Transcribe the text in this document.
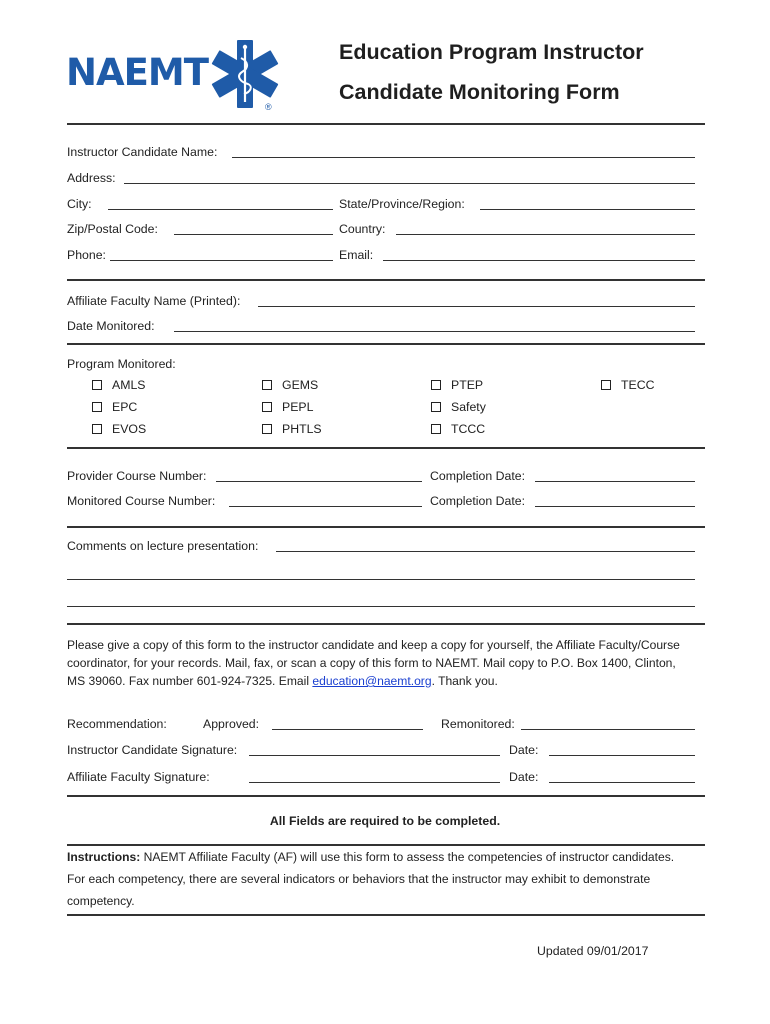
NAEMT
®
Education Program Instructor
Candidate Monitoring Form
Instructor Candidate Name:
Address:
City:	State/Province/Region:
Zip/Postal Code:	Country:
Phone:	Email:
Affiliate Faculty Name (Printed):
Date Monitored:
Program Monitored:
AMLS
EPC
EVOS
GEMS
PEPL
PHTLS
PTEP
Safety
TCCC
TECC
Provider Course Number:	Completion Date:
Monitored Course Number:	Completion Date:
Comments on lecture presentation:
Please give a copy of this form to the instructor candidate and keep a copy for yourself, the Affiliate Faculty/Course
coordinator, for your records. Mail, fax, or scan a copy of this form to NAEMT. Mail copy to P.O. Box 1400, Clinton,
MS 39060. Fax number 601-924-7325. Email education@naemt.org. Thank you.
Recommendation:	Approved:	Remonitored:
Instructor Candidate Signature:	Date:
Affiliate Faculty Signature:	Date:
All Fields are required to be completed.
Instructions: NAEMT Affiliate Faculty (AF) will use this form to assess the competencies of instructor candidates.
For each competency, there are several indicators or behaviors that the instructor may exhibit to demonstrate
competency.
Updated 09/01/2017
